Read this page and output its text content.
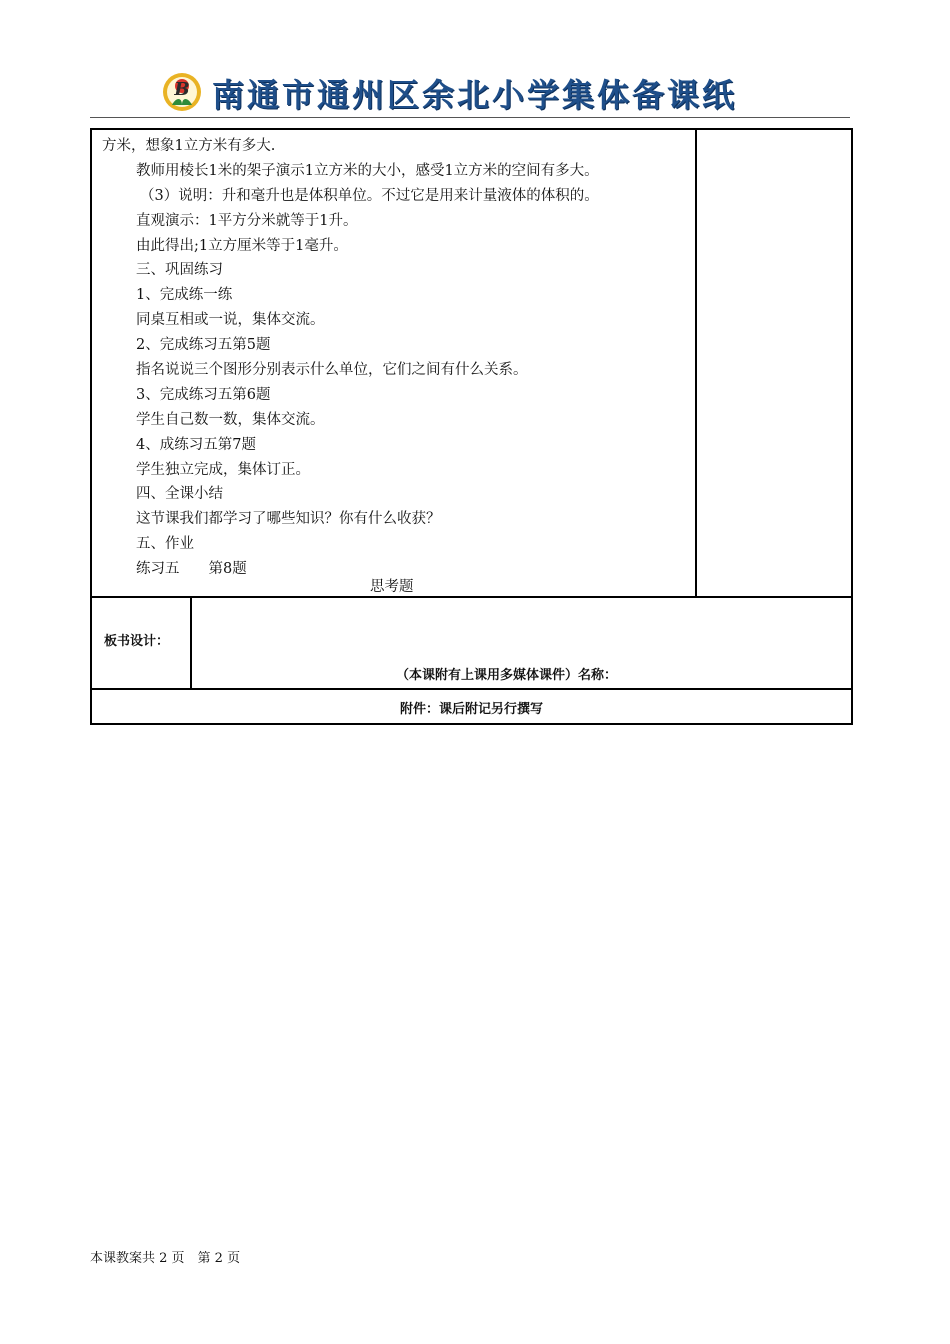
B 南通市通州区余北小学集体备课纸
方米，想象1立方米有多大.
教师用棱长1米的架子演示1立方米的大小，感受1立方米的空间有多大。
（3）说明：升和毫升也是体积单位。不过它是用来计量液体的体积的。
直观演示：1平方分米就等于1升。
由此得出;1立方厘米等于1毫升。
三、巩固练习
1、完成练一练
同桌互相或一说，集体交流。
2、完成练习五第5题
指名说说三个图形分别表示什么单位，它们之间有什么关系。
3、完成练习五第6题
学生自己数一数，集体交流。
4、成练习五第7题
学生独立完成，集体订正。
四、全课小结
这节课我们都学习了哪些知识？你有什么收获？
五、作业
练习五　　第8题
思考题
板书设计：
（本课附有上课用多媒体课件）名称：
附件：课后附记另行撰写
本课教案共 2 页　第 2 页
